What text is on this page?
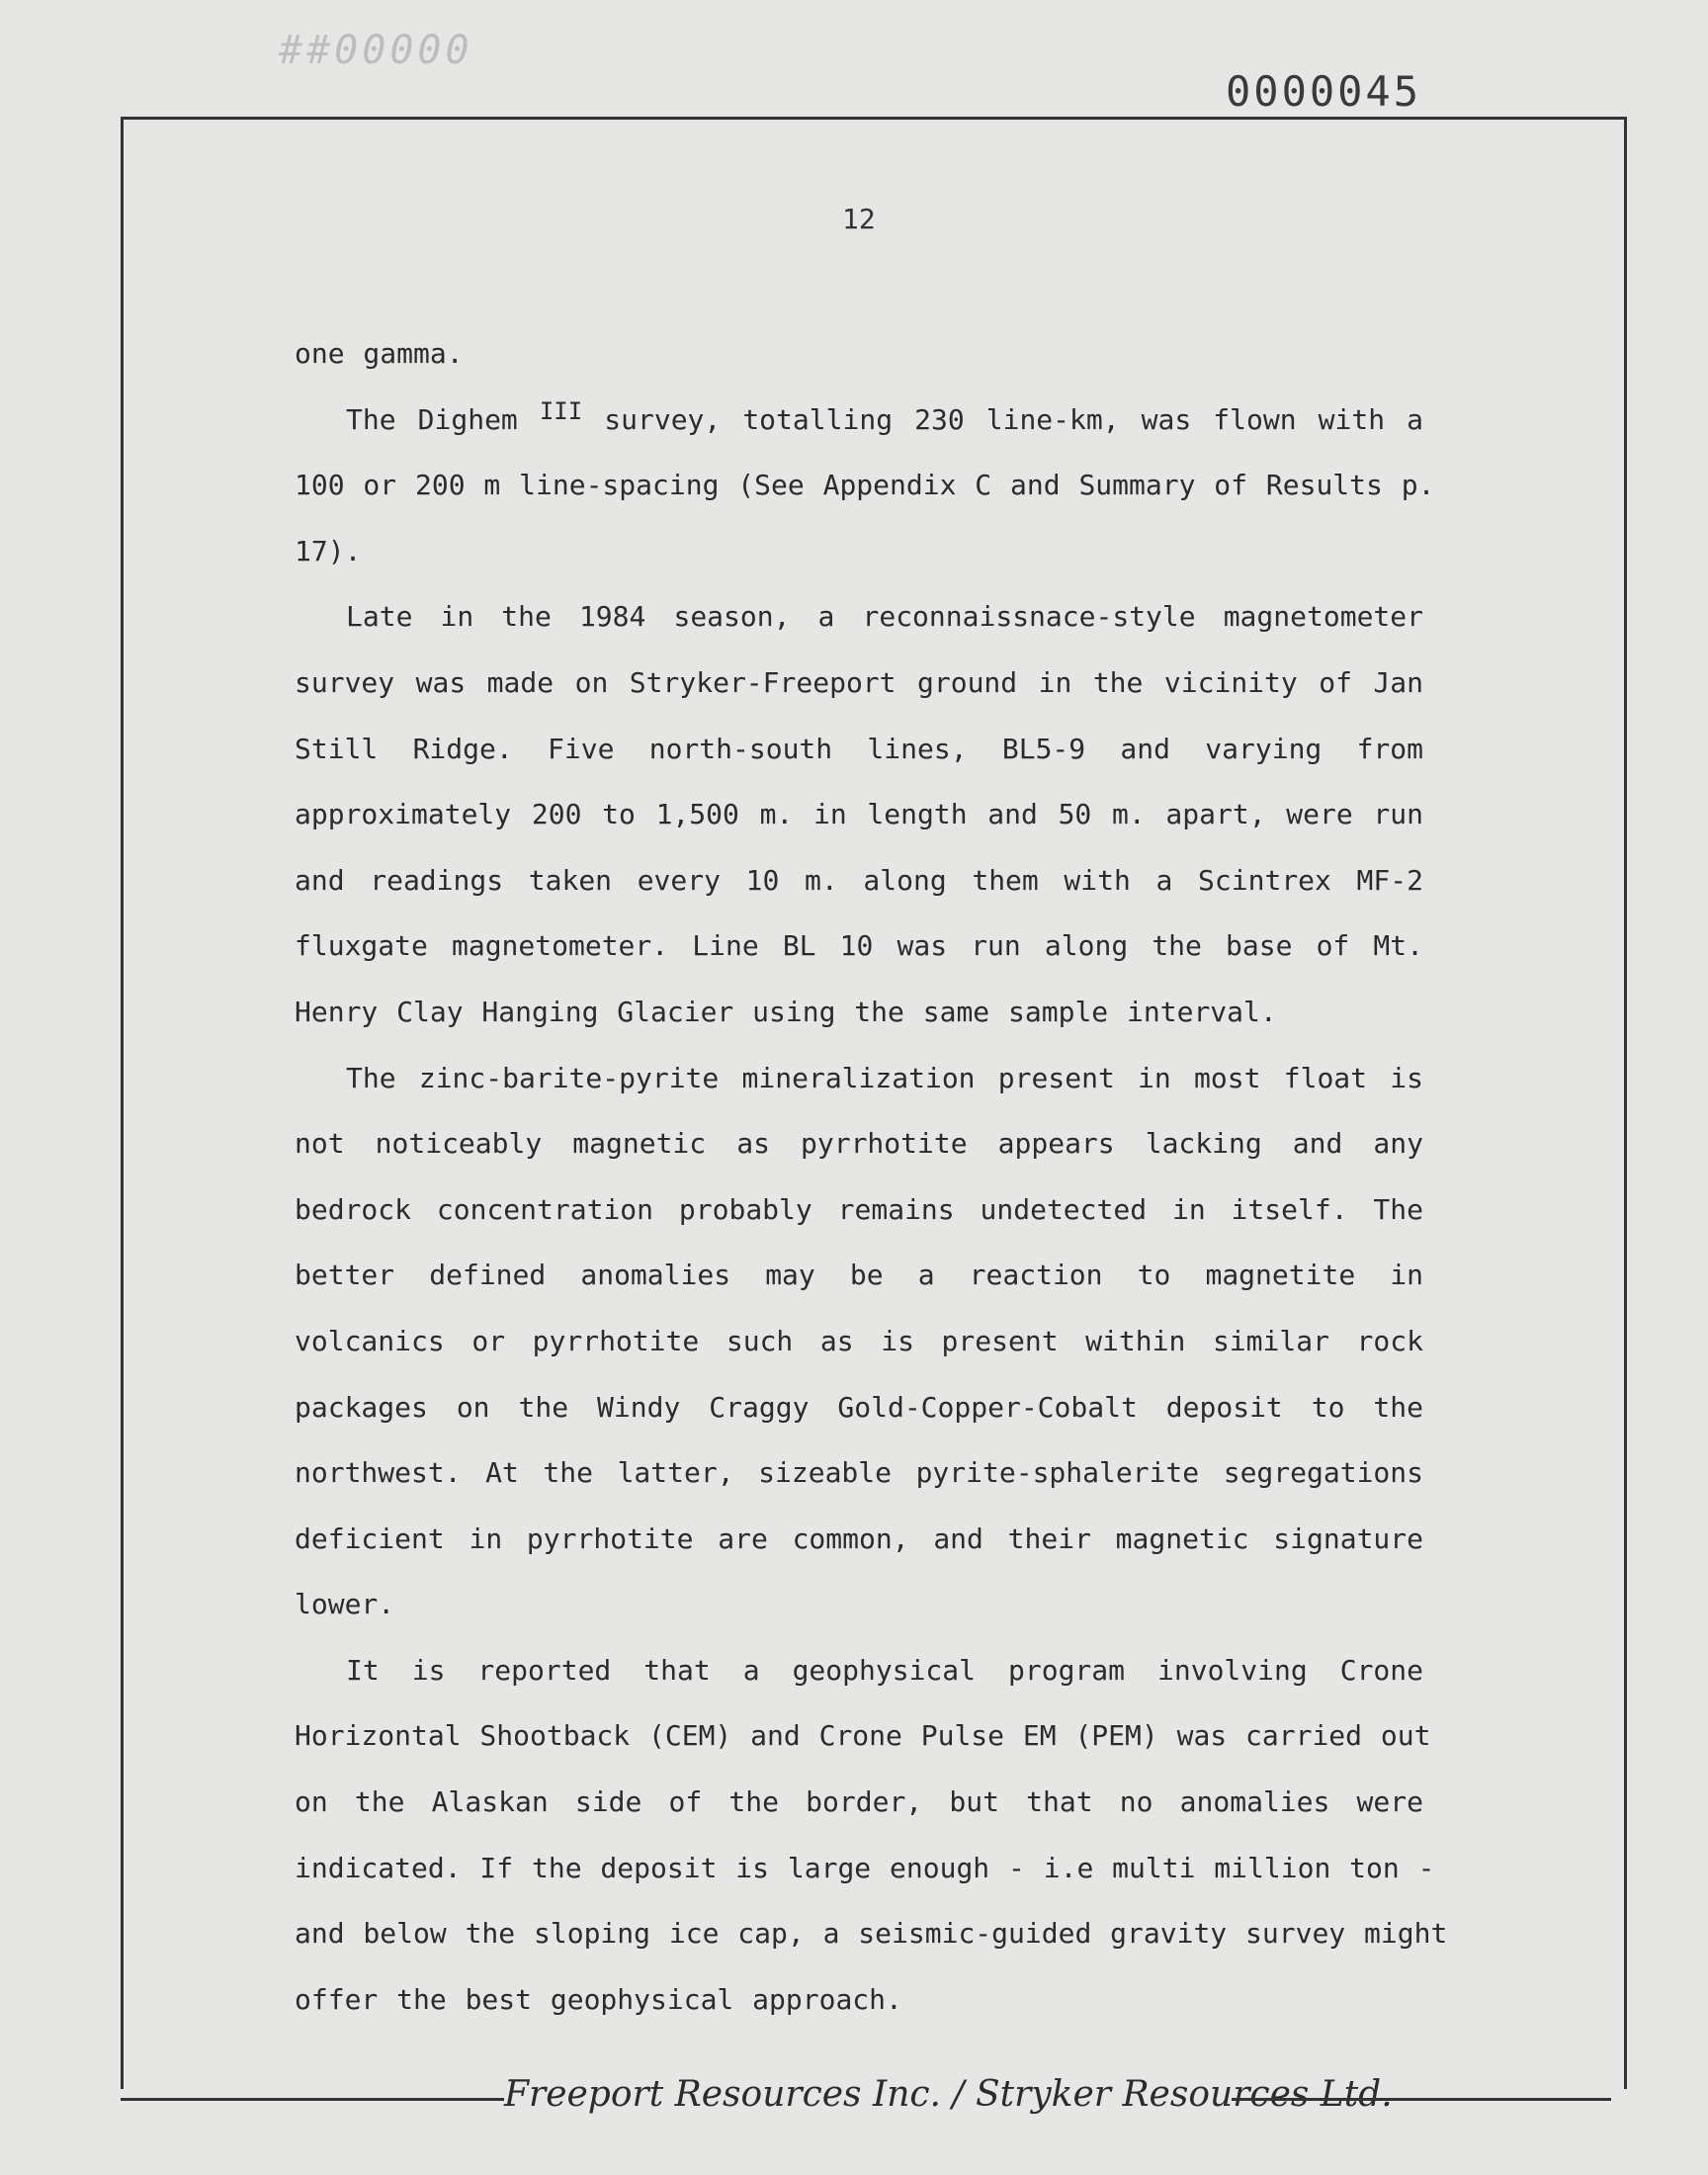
##00000
0000045
12
one gamma.
The Dighem $^{III}$ survey, totalling 230 line-km, was flown with a
100 or 200 m line-spacing (See Appendix C and Summary of Results p.
17).
Late in the 1984 season, a reconnaissnace-style magnetometer
survey was made on Stryker-Freeport ground in the vicinity of Jan
Still Ridge. Five north-south lines, BL5-9 and varying from
approximately 200 to 1,500 m. in length and 50 m. apart, were run
and readings taken every 10 m. along them with a Scintrex MF-2
fluxgate magnetometer. Line BL 10 was run along the base of Mt.
Henry Clay Hanging Glacier using the same sample interval.
The zinc-barite-pyrite mineralization present in most float is
not noticeably magnetic as pyrrhotite appears lacking and any
bedrock concentration probably remains undetected in itself. The
better defined anomalies may be a reaction to magnetite in
volcanics or pyrrhotite such as is present within similar rock
packages on the Windy Craggy Gold-Copper-Cobalt deposit to the
northwest. At the latter, sizeable pyrite-sphalerite segregations
deficient in pyrrhotite are common, and their magnetic signature
lower.
It is reported that a geophysical program involving Crone
Horizontal Shootback (CEM) and Crone Pulse EM (PEM) was carried out
on the Alaskan side of the border, but that no anomalies were
indicated. If the deposit is large enough - i.e multi million ton -
and below the sloping ice cap, a seismic-guided gravity survey might
offer the best geophysical approach.
Freeport Resources Inc. / Stryker Resources Ltd.
